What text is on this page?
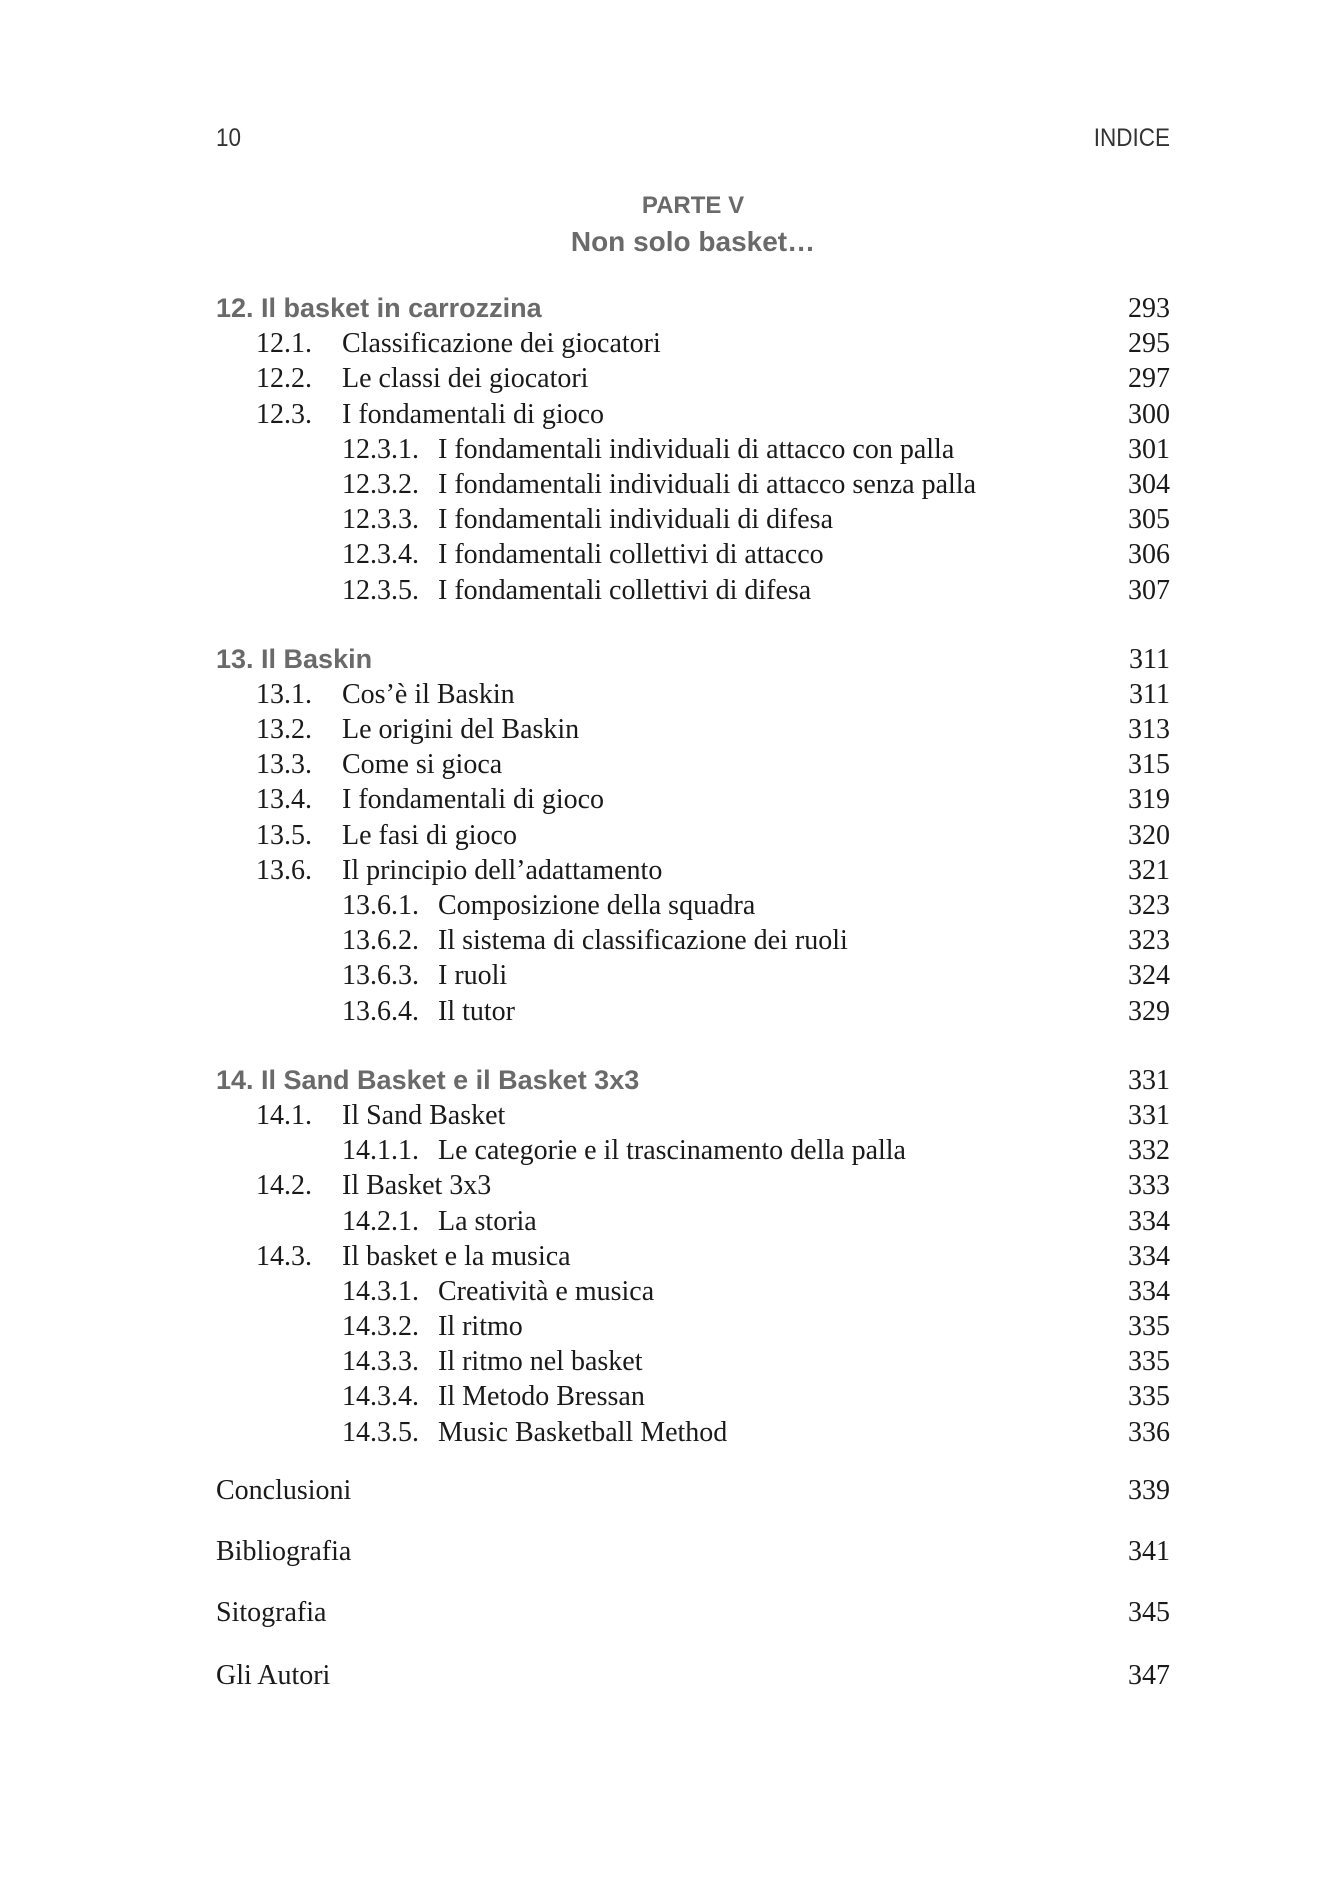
10	INDICE
PARTE V
Non solo basket…
12. Il basket in carrozzina	293
12.1.	Classificazione dei giocatori	295
12.2.	Le classi dei giocatori	297
12.3.	I fondamentali di gioco	300
12.3.1. I fondamentali individuali di attacco con palla	301
12.3.2. I fondamentali individuali di attacco senza palla	304
12.3.3. I fondamentali individuali di difesa	305
12.3.4. I fondamentali collettivi di attacco	306
12.3.5. I fondamentali collettivi di difesa	307
13. Il Baskin	311
13.1.	Cos’è il Baskin	311
13.2.	Le origini del Baskin	313
13.3.	Come si gioca	315
13.4.	I fondamentali di gioco	319
13.5.	Le fasi di gioco	320
13.6.	Il principio dell’adattamento	321
13.6.1. Composizione della squadra	323
13.6.2. Il sistema di classificazione dei ruoli	323
13.6.3. I ruoli	324
13.6.4. Il tutor	329
14. Il Sand Basket e il Basket 3x3	331
14.1.	Il Sand Basket	331
14.1.1. Le categorie e il trascinamento della palla	332
14.2.	Il Basket 3x3	333
14.2.1. La storia	334
14.3.	Il basket e la musica	334
14.3.1. Creatività e musica	334
14.3.2. Il ritmo	335
14.3.3. Il ritmo nel basket	335
14.3.4. Il Metodo Bressan	335
14.3.5. Music Basketball Method	336
Conclusioni	339
Bibliografia	341
Sitografia	345
Gli Autori	347
